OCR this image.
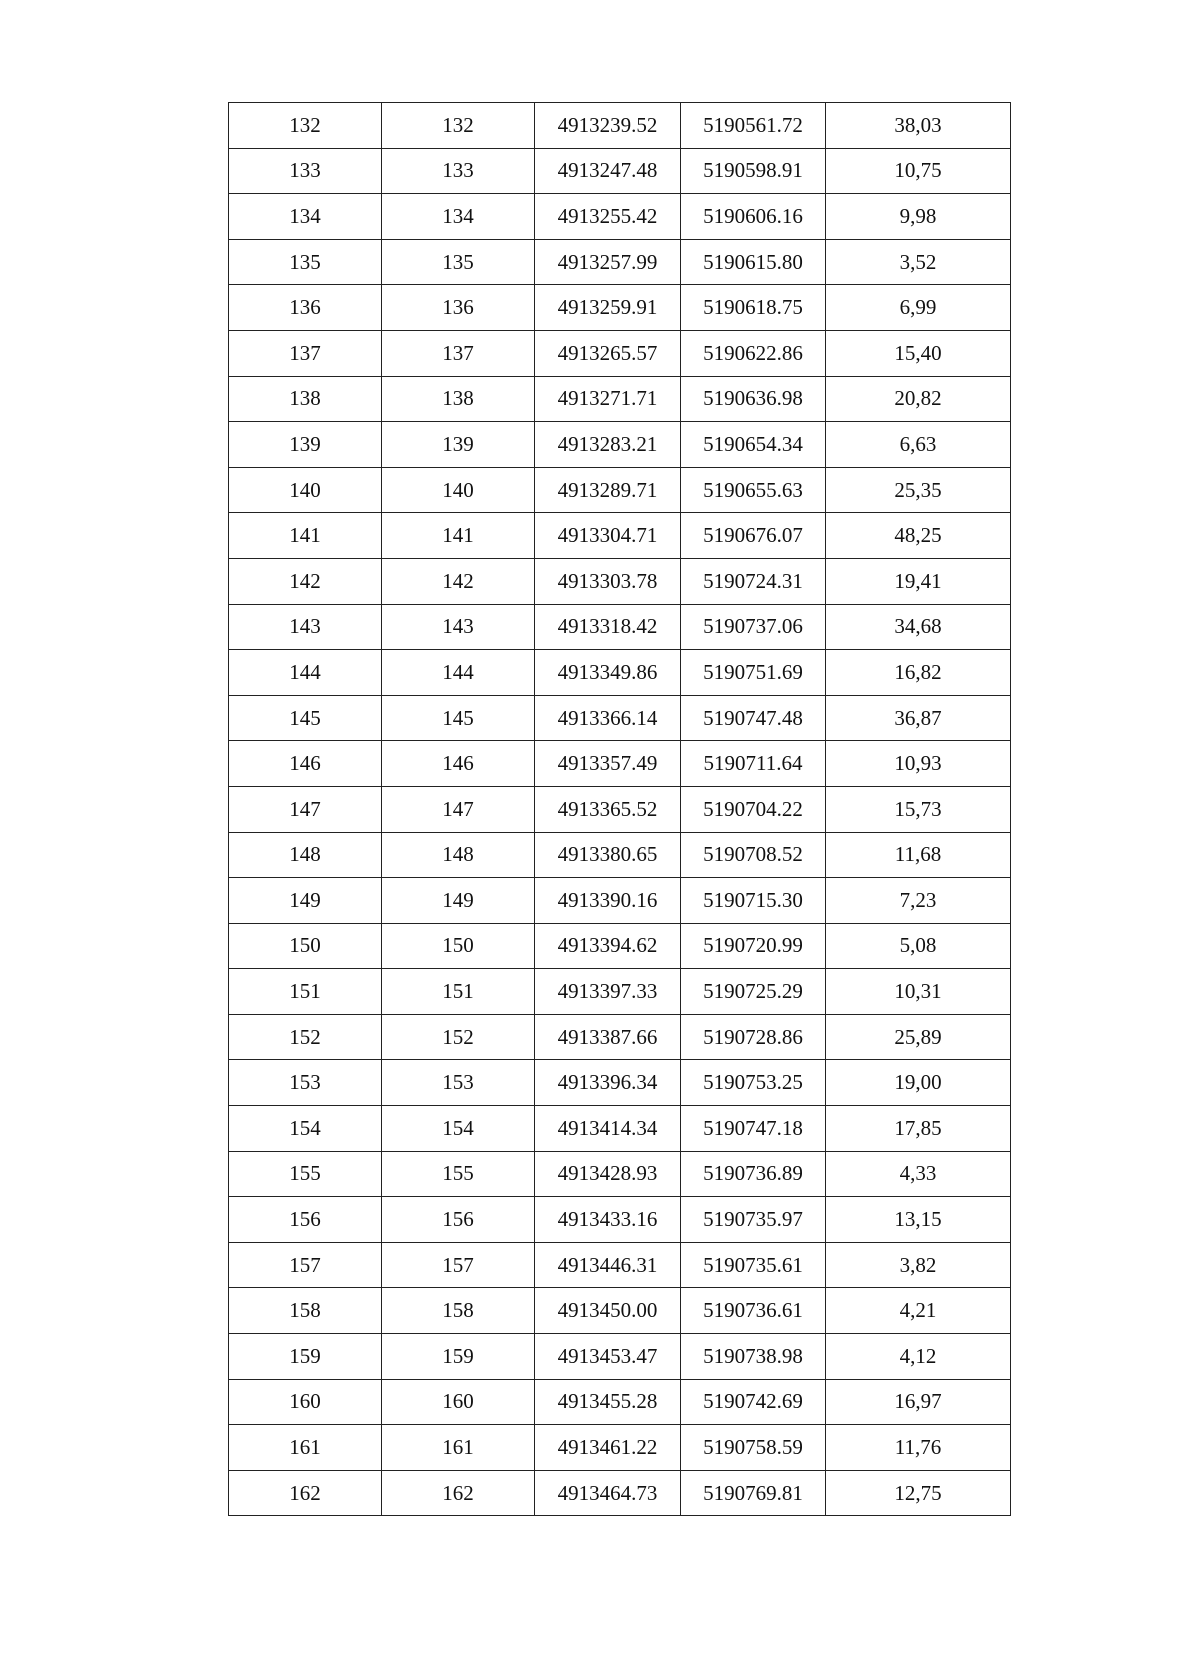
132	132	4913239.52	5190561.72	38,03
133	133	4913247.48	5190598.91	10,75
134	134	4913255.42	5190606.16	9,98
135	135	4913257.99	5190615.80	3,52
136	136	4913259.91	5190618.75	6,99
137	137	4913265.57	5190622.86	15,40
138	138	4913271.71	5190636.98	20,82
139	139	4913283.21	5190654.34	6,63
140	140	4913289.71	5190655.63	25,35
141	141	4913304.71	5190676.07	48,25
142	142	4913303.78	5190724.31	19,41
143	143	4913318.42	5190737.06	34,68
144	144	4913349.86	5190751.69	16,82
145	145	4913366.14	5190747.48	36,87
146	146	4913357.49	5190711.64	10,93
147	147	4913365.52	5190704.22	15,73
148	148	4913380.65	5190708.52	11,68
149	149	4913390.16	5190715.30	7,23
150	150	4913394.62	5190720.99	5,08
151	151	4913397.33	5190725.29	10,31
152	152	4913387.66	5190728.86	25,89
153	153	4913396.34	5190753.25	19,00
154	154	4913414.34	5190747.18	17,85
155	155	4913428.93	5190736.89	4,33
156	156	4913433.16	5190735.97	13,15
157	157	4913446.31	5190735.61	3,82
158	158	4913450.00	5190736.61	4,21
159	159	4913453.47	5190738.98	4,12
160	160	4913455.28	5190742.69	16,97
161	161	4913461.22	5190758.59	11,76
162	162	4913464.73	5190769.81	12,75
